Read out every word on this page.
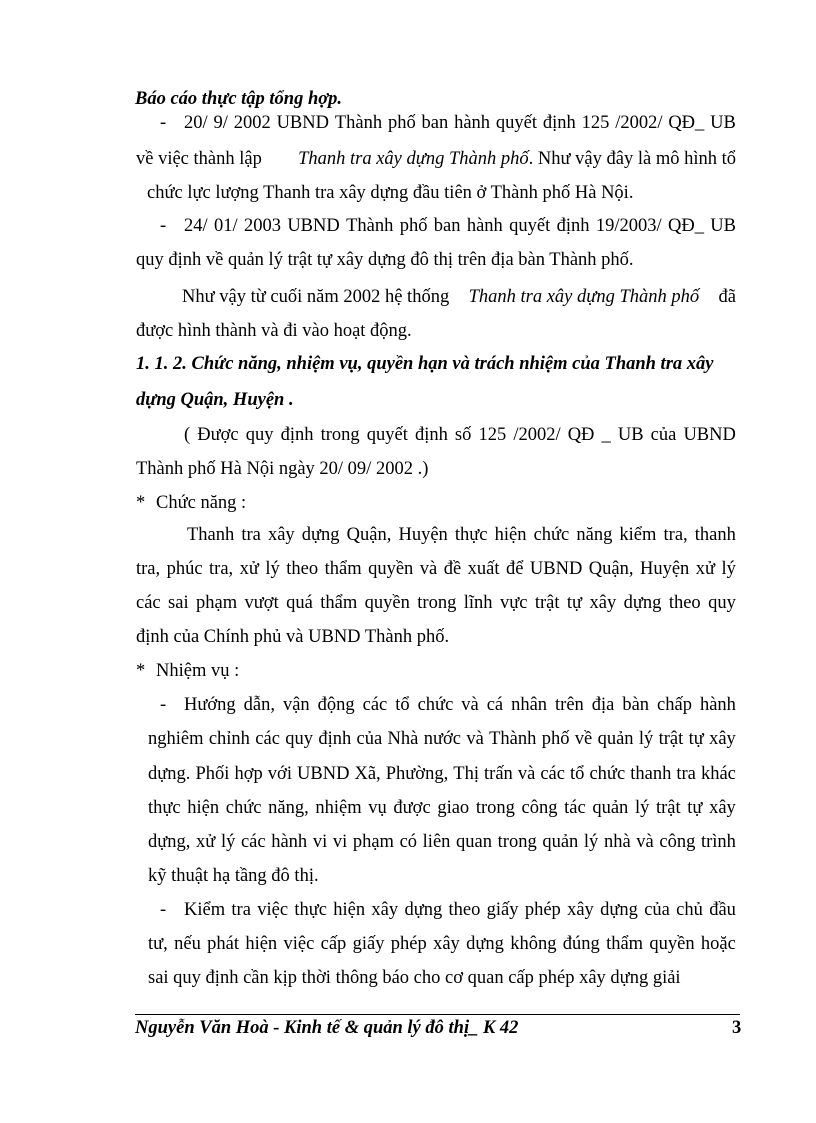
Báo cáo thực tập tổng hợp.
- 20/ 9/ 2002 UBND Thành phố ban hành quyết định 125 /2002/ QĐ_ UB
về việc thành lập Thanh tra xây dựng Thành phố. Như vậy đây là mô hình tổ
chức lực lượng Thanh tra xây dựng đầu tiên ở Thành phố Hà Nội.
- 24/ 01/ 2003 UBND Thành phố ban hành quyết định 19/2003/ QĐ_ UB
quy định về quản lý trật tự xây dựng đô thị trên địa bàn Thành phố.
Như vậy từ cuối năm 2002 hệ thống Thanh tra xây dựng Thành phố đã
được hình thành và đi vào hoạt động.
1. 1. 2. Chức năng, nhiệm vụ, quyền hạn và trách nhiệm của Thanh tra xây
dựng Quận, Huyện .
( Được quy định trong quyết định số 125 /2002/ QĐ _ UB của UBND
Thành phố Hà Nội ngày 20/ 09/ 2002 .)
* Chức năng :
Thanh tra xây dựng Quận, Huyện thực hiện chức năng kiểm tra, thanh
tra, phúc tra, xử lý theo thẩm quyền và đề xuất để UBND Quận, Huyện xử lý
các sai phạm vượt quá thẩm quyền trong lĩnh vực trật tự xây dựng theo quy
định của Chính phủ và UBND Thành phố.
* Nhiệm vụ :
- Hướng dẫn, vận động các tổ chức và cá nhân trên địa bàn chấp hành
nghiêm chỉnh các quy định của Nhà nước và Thành phố về quản lý trật tự xây
dựng. Phối hợp với UBND Xã, Phường, Thị trấn và các tổ chức thanh tra khác
thực hiện chức năng, nhiệm vụ được giao trong công tác quản lý trật tự xây
dựng, xử lý các hành vi vi phạm có liên quan trong quản lý nhà và công trình
kỹ thuật hạ tầng đô thị.
- Kiểm tra việc thực hiện xây dựng theo giấy phép xây dựng của chủ đầu
tư, nếu phát hiện việc cấp giấy phép xây dựng không đúng thẩm quyền hoặc
sai quy định cần kịp thời thông báo cho cơ quan cấp phép xây dựng giải
Nguyễn Văn Hoà - Kinh tế & quản lý đô thị_ K 42	3
